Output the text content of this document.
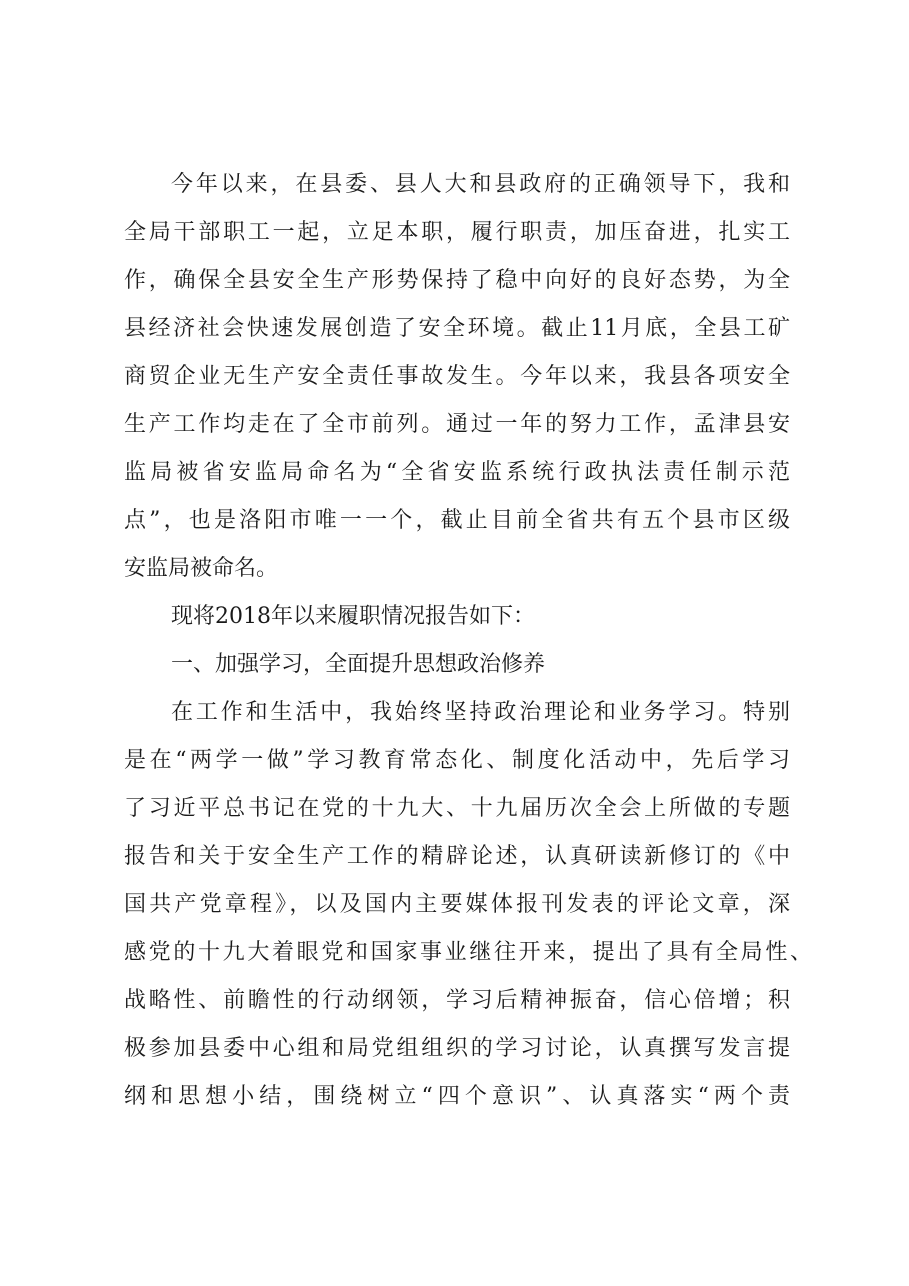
今年以来，在县委、县人大和县政府的正确领导下，我和
全局干部职工一起，立足本职，履行职责，加压奋进，扎实工
作，确保全县安全生产形势保持了稳中向好的良好态势，为全
县经济社会快速发展创造了安全环境。截止11月底，全县工矿
商贸企业无生产安全责任事故发生。今年以来，我县各项安全
生产工作均走在了全市前列。通过一年的努力工作，孟津县安
监局被省安监局命名为“全省安监系统行政执法责任制示范
点”，也是洛阳市唯一一个，截止目前全省共有五个县市区级
安监局被命名。
现将2018年以来履职情况报告如下：
一、加强学习，全面提升思想政治修养
在工作和生活中，我始终坚持政治理论和业务学习。特别
是在“两学一做”学习教育常态化、制度化活动中，先后学习
了习近平总书记在党的十九大、十九届历次全会上所做的专题
报告和关于安全生产工作的精辟论述，认真研读新修订的《中
国共产党章程》，以及国内主要媒体报刊发表的评论文章，深
感党的十九大着眼党和国家事业继往开来，提出了具有全局性、
战略性、前瞻性的行动纲领，学习后精神振奋，信心倍增；积
极参加县委中心组和局党组组织的学习讨论，认真撰写发言提
纲和思想小结，围绕树立“四个意识”、认真落实“两个责
